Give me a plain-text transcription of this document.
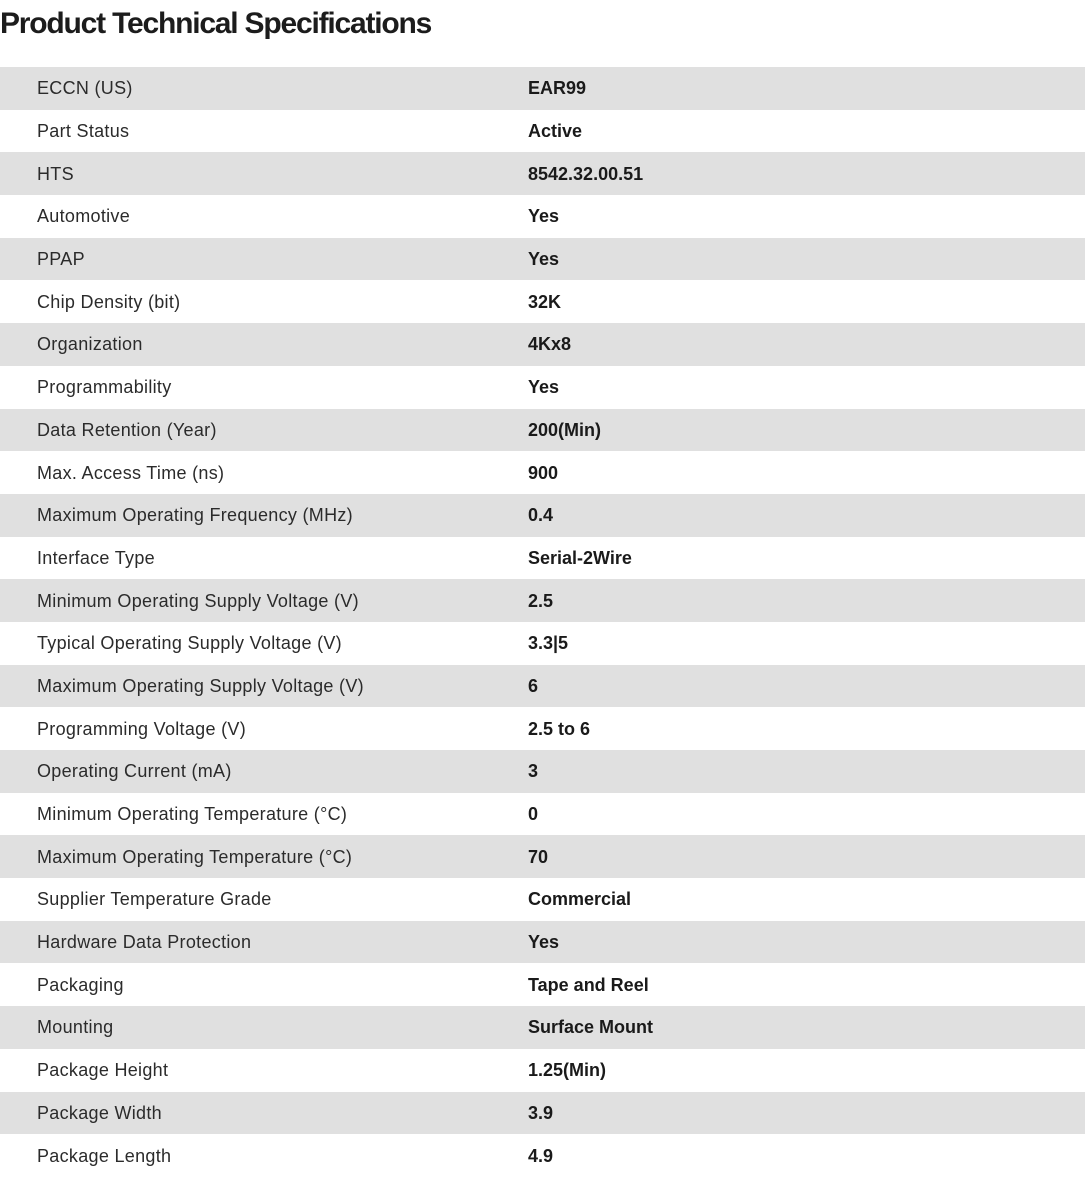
Product Technical Specifications
ECCN (US)	EAR99
Part Status	Active
HTS	8542.32.00.51
Automotive	Yes
PPAP	Yes
Chip Density (bit)	32K
Organization	4Kx8
Programmability	Yes
Data Retention (Year)	200(Min)
Max. Access Time (ns)	900
Maximum Operating Frequency (MHz)	0.4
Interface Type	Serial-2Wire
Minimum Operating Supply Voltage (V)	2.5
Typical Operating Supply Voltage (V)	3.3|5
Maximum Operating Supply Voltage (V)	6
Programming Voltage (V)	2.5 to 6
Operating Current (mA)	3
Minimum Operating Temperature (°C)	0
Maximum Operating Temperature (°C)	70
Supplier Temperature Grade	Commercial
Hardware Data Protection	Yes
Packaging	Tape and Reel
Mounting	Surface Mount
Package Height	1.25(Min)
Package Width	3.9
Package Length	4.9
